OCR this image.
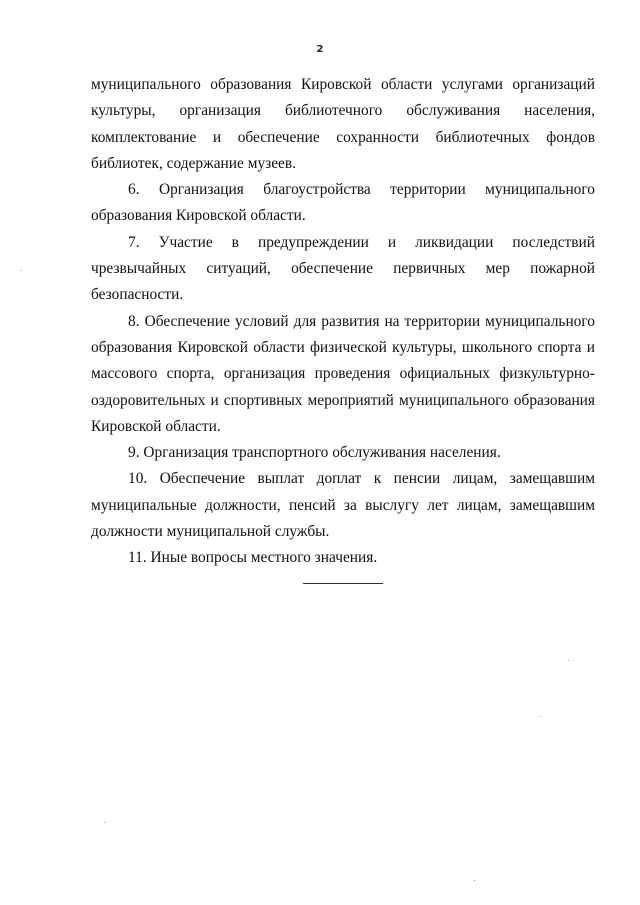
2

муниципального образования Кировской области услугами организаций культуры, организация библиотечного обслуживания населения, комплектование и обеспечение сохранности библиотечных фондов библиотек, содержание музеев.

6. Организация благоустройства территории муниципального образования Кировской области.

7. Участие в предупреждении и ликвидации последствий чрезвычайных ситуаций, обеспечение первичных мер пожарной безопасности.

8. Обеспечение условий для развития на территории муниципального образования Кировской области физической культуры, школьного спорта и массового спорта, организация проведения официальных физкультурно-оздоровительных и спортивных мероприятий муниципального образования Кировской области.

9. Организация транспортного обслуживания населения.

10. Обеспечение выплат доплат к пенсии лицам, замещавшим муниципальные должности, пенсий за выслугу лет лицам, замещавшим должности муниципальной службы.

11. Иные вопросы местного значения.
